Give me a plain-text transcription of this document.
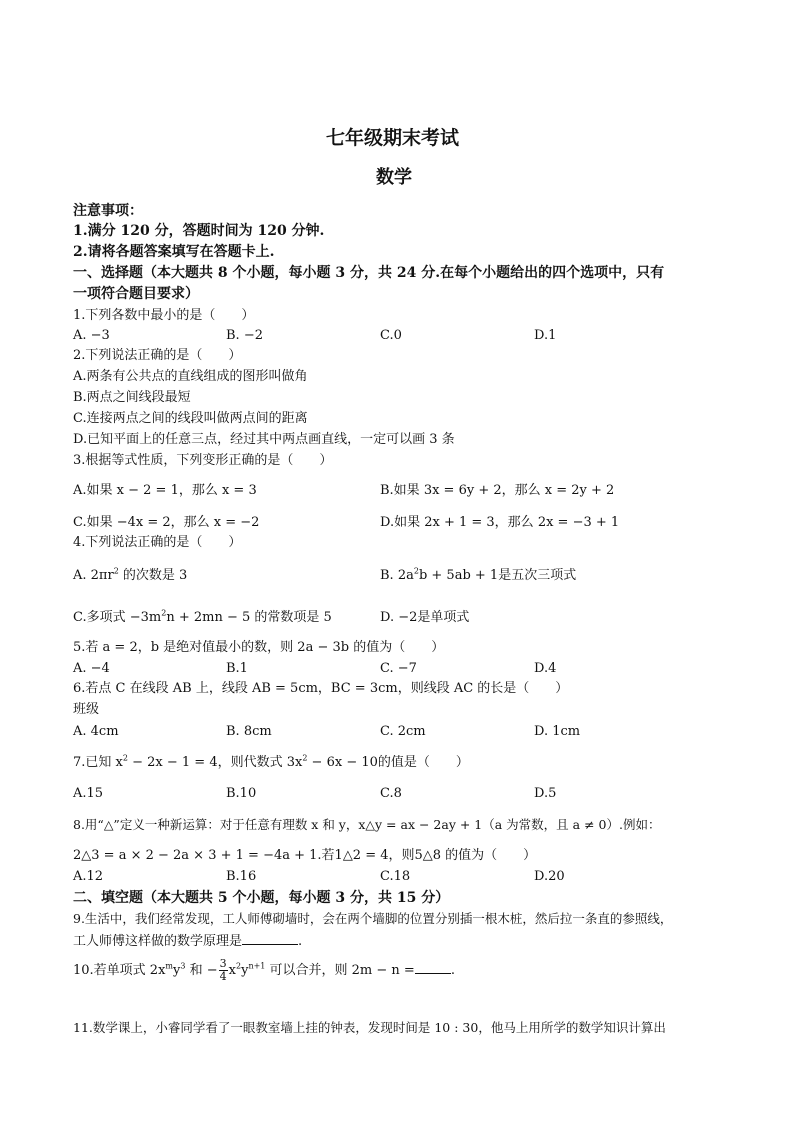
七年级期末考试
数学
注意事项：
1.满分 120 分，答题时间为 120 分钟.
2.请将各题答案填写在答题卡上.
一、选择题（本大题共 8 个小题，每小题 3 分，共 24 分.在每个小题给出的四个选项中，只有
一项符合题目要求）
1.下列各数中最小的是（　　）
A. −3	B. −2	C.0	D.1
2.下列说法正确的是（　　）
A.两条有公共点的直线组成的图形叫做角
B.两点之间线段最短
C.连接两点之间的线段叫做两点间的距离
D.已知平面上的任意三点，经过其中两点画直线，一定可以画 3 条
3.根据等式性质，下列变形正确的是（　　）
A.如果 x − 2 = 1，那么 x = 3	B.如果 3x = 6y + 2，那么 x = 2y + 2
C.如果 −4x = 2，那么 x = −2	D.如果 2x + 1 = 3，那么 2x = −3 + 1
4.下列说法正确的是（　　）
A. $2\pi r^2$ 的次数是 3	B. $2a^2b + 5ab + 1$是五次三项式
C.多项式 $-3m^2n + 2mn - 5$ 的常数项是 5	D. −2是单项式
5.若 a = 2，b 是绝对值最小的数，则 2a − 3b 的值为（　　）
A. −4	B.1	C. −7	D.4
6.若点 C 在线段 AB 上，线段 AB = 5cm，BC = 3cm，则线段 AC 的长是（　　）
班级
A. 4cm	B. 8cm	C. 2cm	D. 1cm
7.已知 $x^2 - 2x - 1 = 4$，则代数式 $3x^2 - 6x - 10$的值是（　　）
A.15	B.10	C.8	D.5
8.用“△”定义一种新运算：对于任意有理数 x 和 y，x△y = ax − 2ay + 1（a 为常数，且 a ≠ 0）.例如：
2△3 = a × 2 − 2a × 3 + 1 = −4a + 1.若1△2 = 4，则5△8 的值为（　　）
A.12	B.16	C.18	D.20
二、填空题（本大题共 5 个小题，每小题 3 分，共 15 分）
9.生活中，我们经常发现，工人师傅砌墙时，会在两个墙脚的位置分别插一根木桩，然后拉一条直的参照线，
工人师傅这样做的数学原理是	.
10.若单项式 $2x^my^3$ 和 − $\frac{3}{4} x^2y^{n+1}$ 可以合并，则 2m − n =	.
11.数学课上，小睿同学看了一眼教室墙上挂的钟表，发现时间是 10 : 30，他马上用所学的数学知识计算出
